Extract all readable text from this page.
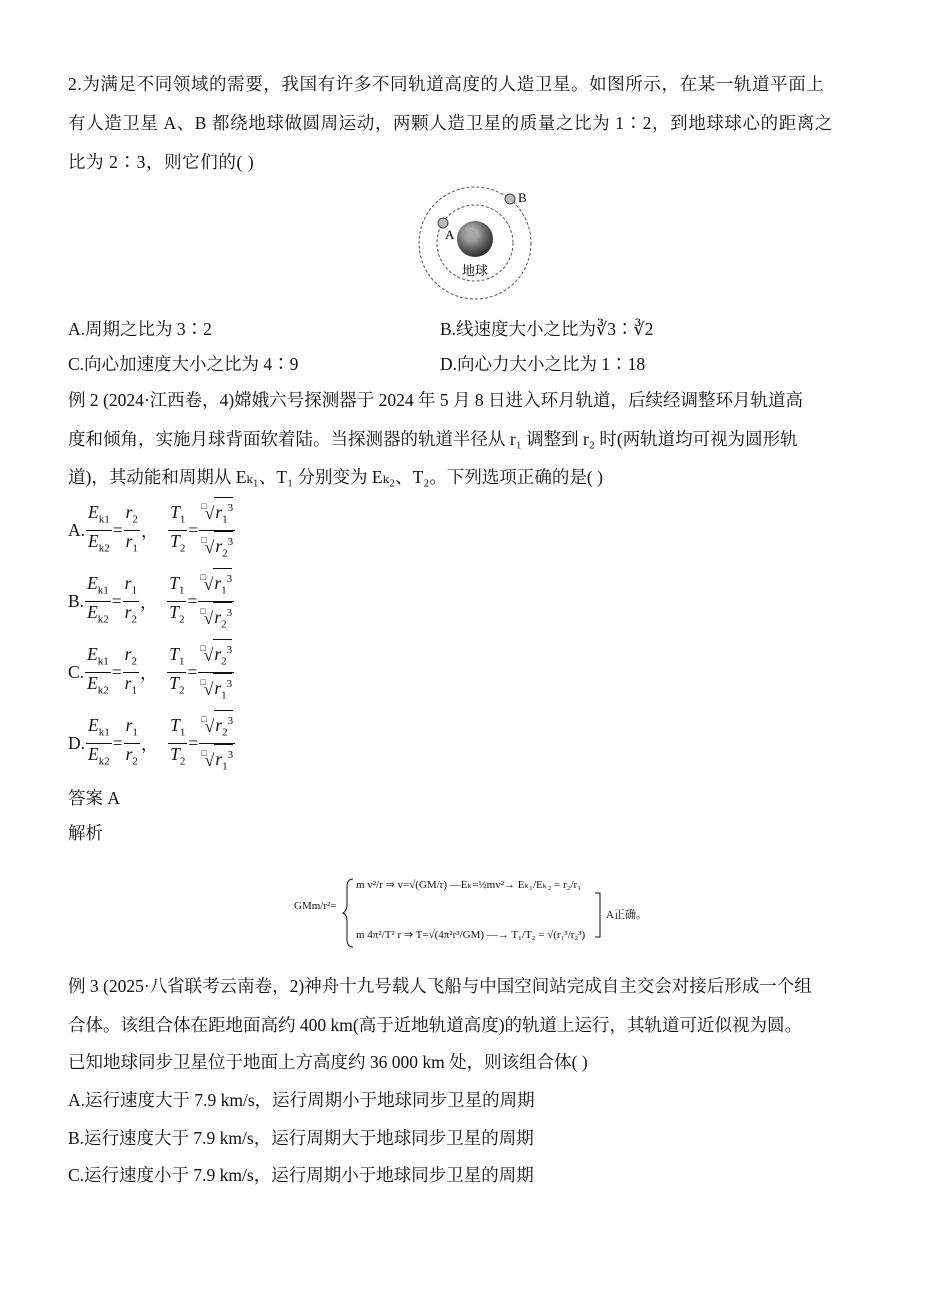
2.为满足不同领域的需要，我国有许多不同轨道高度的人造卫星。如图所示，在某一轨道平面上
有人造卫星 A、B 都绕地球做圆周运动，两颗人造卫星的质量之比为 1∶2，到地球球心的距离之
比为 2∶3，则它们的( )
A
B
地球
A.周期之比为 3∶2	B.线速度大小之比为∛3∶∛2
C.向心加速度大小之比为 4∶9	D.向心力大小之比为 1∶18
例 2 (2024·江西卷，4)嫦娥六号探测器于 2024 年 5 月 8 日进入环月轨道，后续经调整环月轨道高
度和倾角，实施月球背面软着陆。当探测器的轨道半径从 r₁ 调整到 r₂ 时(两轨道均可视为圆形轨
道)，其动能和周期从 Eₖ₁、T₁ 分别变为 Eₖ₂、T₂。下列选项正确的是( )
A. $\frac{E_{k1}}{E_{k2}} = \frac{r_2}{r_1}$ ， $\frac{T_1}{T_2}$ = □
√ $r_1^3$
□
√ $r_2^3$
B. $\frac{E_{k1}}{E_{k2}} = \frac{r_1}{r_2}$ ， $\frac{T_1}{T_2}$ = □
√ $r_1^3$
□
√ $r_2^3$
C. $\frac{E_{k1}}{E_{k2}} = \frac{r_2}{r_1}$ ， $\frac{T_1}{T_2}$ = □
√ $r_2^3$
□
√ $r_1^3$
D. $\frac{E_{k1}}{E_{k2}} = \frac{r_1}{r_2}$ ， $\frac{T_1}{T_2}$ = □
√ $r_2^3$
□
√ $r_1^3$
答案 A
解析
GMm/r²=
m v²/r ⇒ v=√(GM/r) —Eₖ=½mv²→ Eₖ₁/Eₖ₂ = r₂/r₁
m 4π²/T² r ⇒ T=√(4π²r³/GM) —→ T₁/T₂ = √(r₁³/r₂³)
A正确。
例 3 (2025·八省联考云南卷，2)神舟十九号载人飞船与中国空间站完成自主交会对接后形成一个组
合体。该组合体在距地面高约 400 km(高于近地轨道高度)的轨道上运行，其轨道可近似视为圆。
已知地球同步卫星位于地面上方高度约 36 000 km 处，则该组合体( )
A.运行速度大于 7.9 km/s，运行周期小于地球同步卫星的周期
B.运行速度大于 7.9 km/s，运行周期大于地球同步卫星的周期
C.运行速度小于 7.9 km/s，运行周期小于地球同步卫星的周期
